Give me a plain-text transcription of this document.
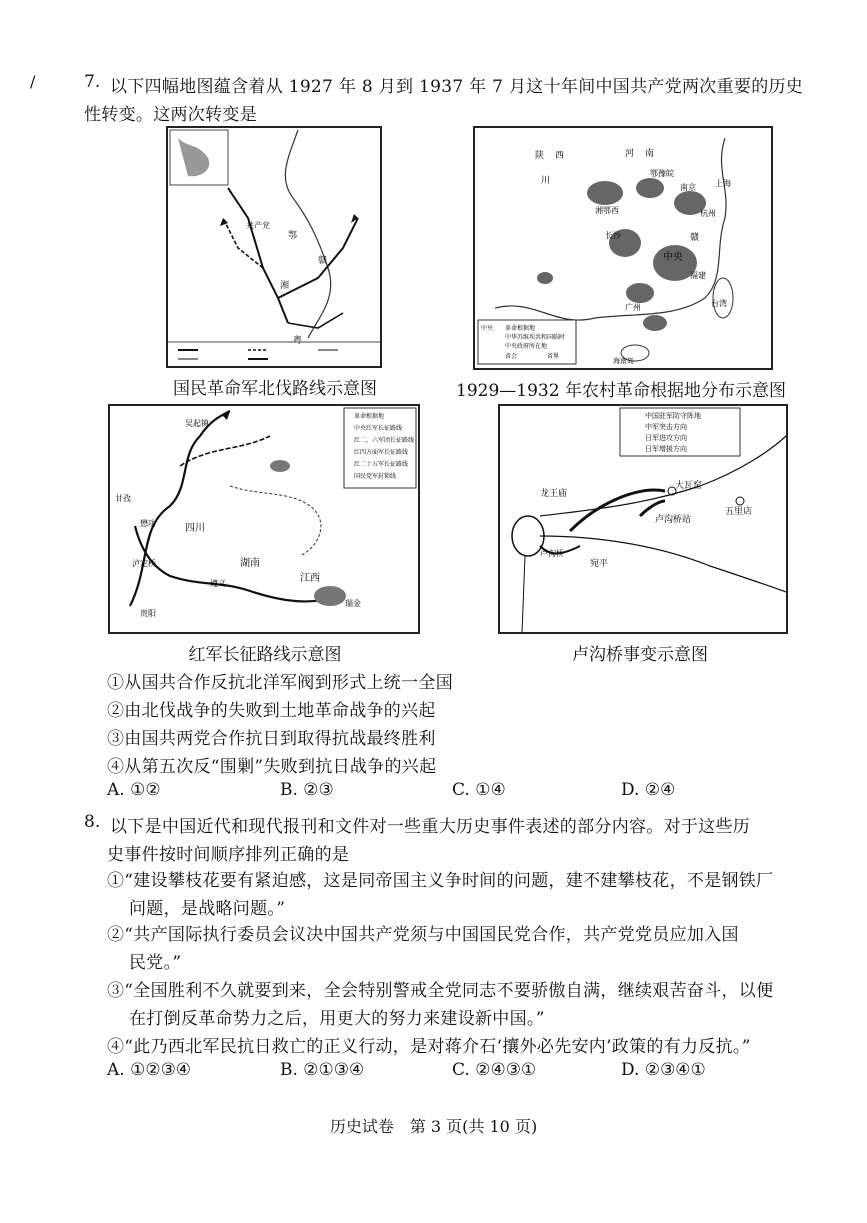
/	7. 以下四幅地图蕴含着从 1927 年 8 月到 1937 年 7 月这十年间中国共产党两次重要的历史
性转变。这两次转变是
共产党
湘
赣
鄂
粤
国民革命军北伐路线示意图
陕 西	河 南
川
湘鄂西
鄂豫皖
南京 上海
杭州
长沙	赣
中央
广州	台湾
海南岛
福建
中央 革命根据地
中华苏维埃共和国临时
中央政府所在地
省会	省界
1929—1932 年农村革命根据地分布示意图
吴起镇
甘孜
懋功
泸定桥
遵义
瑞金
贵阳
四川
湖南
江西
革命根据地
中央红军长征路线
红二、六军团长征路线
红四方面军长征路线
红二十五军长征路线
国民党军封锁线
红军长征路线示意图
龙王庙
大瓦窑
五里店
卢沟桥站
宛平
卢沟桥
中国驻军防守阵地
中军突击方向
日军进攻方向
日军增援方向
卢沟桥事变示意图
①从国共合作反抗北洋军阀到形式上统一全国
②由北伐战争的失败到土地革命战争的兴起
③由国共两党合作抗日到取得抗战最终胜利
④从第五次反“围剿”失败到抗日战争的兴起
A. ①②	B. ②③	C. ①④	D. ②④
8. 以下是中国近代和现代报刊和文件对一些重大历史事件表述的部分内容。对于这些历
史事件按时间顺序排列正确的是
①“建设攀枝花要有紧迫感，这是同帝国主义争时间的问题，建不建攀枝花，不是钢铁厂
问题，是战略问题。”
②“共产国际执行委员会议决中国共产党须与中国国民党合作，共产党党员应加入国
民党。”
③“全国胜利不久就要到来，全会特别警戒全党同志不要骄傲自满，继续艰苦奋斗，以便
在打倒反革命势力之后，用更大的努力来建设新中国。”
④“此乃西北军民抗日救亡的正义行动，是对蒋介石‘攘外必先安内’政策的有力反抗。”
A. ①②③④	B. ②①③④	C. ②④③①	D. ②③④①
历史试卷　第 3 页(共 10 页)
